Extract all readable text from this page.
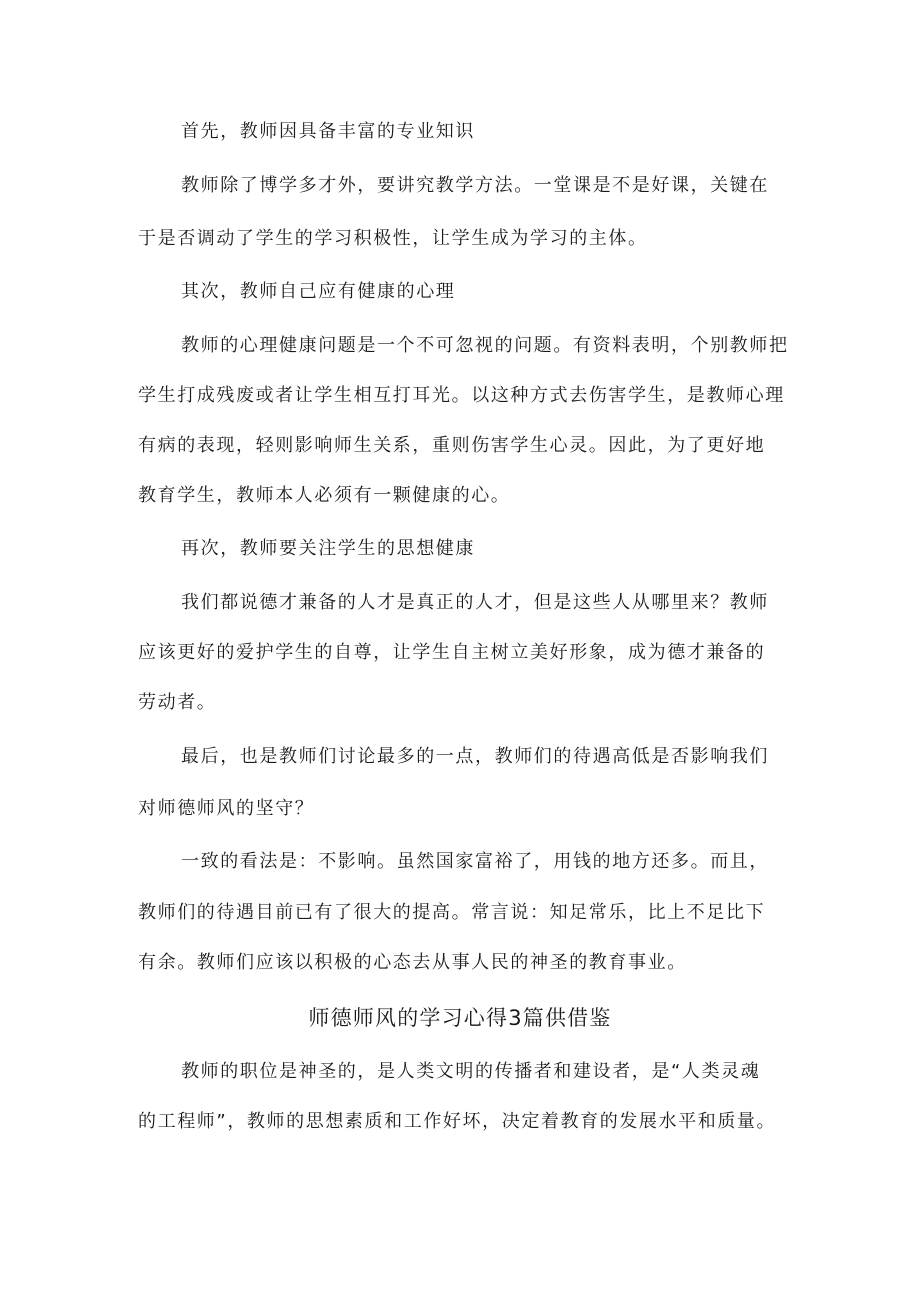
首先，教师因具备丰富的专业知识
教师除了博学多才外，要讲究教学方法。一堂课是不是好课，关键在
于是否调动了学生的学习积极性，让学生成为学习的主体。
其次，教师自己应有健康的心理
教师的心理健康问题是一个不可忽视的问题。有资料表明，个别教师把
学生打成残废或者让学生相互打耳光。以这种方式去伤害学生，是教师心理
有病的表现，轻则影响师生关系，重则伤害学生心灵。因此，为了更好地
教育学生，教师本人必须有一颗健康的心。
再次，教师要关注学生的思想健康
我们都说德才兼备的人才是真正的人才，但是这些人从哪里来？教师
应该更好的爱护学生的自尊，让学生自主树立美好形象，成为德才兼备的
劳动者。
最后，也是教师们讨论最多的一点，教师们的待遇高低是否影响我们
对师德师风的坚守？
一致的看法是：不影响。虽然国家富裕了，用钱的地方还多。而且，
教师们的待遇目前已有了很大的提高。常言说：知足常乐，比上不足比下
有余。教师们应该以积极的心态去从事人民的神圣的教育事业。
师德师风的学习心得3篇供借鉴
教师的职位是神圣的，是人类文明的传播者和建设者，是“人类灵魂
的工程师”，教师的思想素质和工作好坏，决定着教育的发展水平和质量。
